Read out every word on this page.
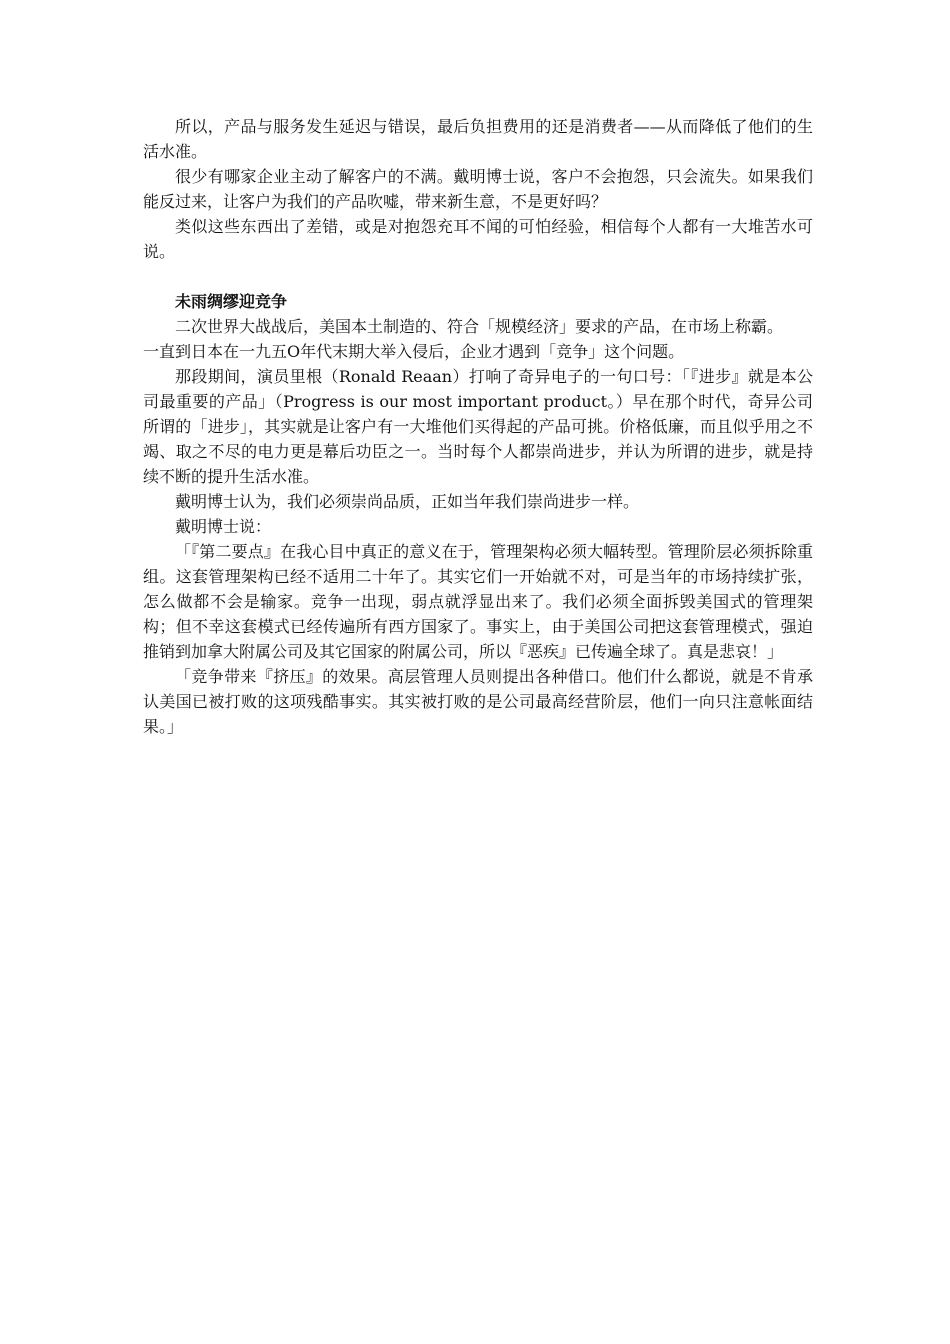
所以，产品与服务发生延迟与错误，最后负担费用的还是消费者——从而降低了他们的生活水准。

很少有哪家企业主动了解客户的不满。戴明博士说，客户不会抱怨，只会流失。如果我们能反过来，让客户为我们的产品吹嘘，带来新生意，不是更好吗？

类似这些东西出了差错，或是对抱怨充耳不闻的可怕经验，相信每个人都有一大堆苦水可说。

未雨绸缪迎竞争

二次世界大战战后，美国本土制造的、符合「规模经济」要求的产品，在市场上称霸。

一直到日本在一九五O年代末期大举入侵后，企业才遇到「竞争」这个问题。

那段期间，演员里根（Ronald Reaan）打响了奇异电子的一句口号：「『进步』就是本公司最重要的产品」（Progress is our most important product。）早在那个时代，奇异公司所谓的「进步」，其实就是让客户有一大堆他们买得起的产品可挑。价格低廉，而且似乎用之不竭、取之不尽的电力更是幕后功臣之一。当时每个人都崇尚进步，并认为所谓的进步，就是持续不断的提升生活水准。

戴明博士认为，我们必须崇尚品质，正如当年我们崇尚进步一样。

戴明博士说：

「『第二要点』在我心目中真正的意义在于，管理架构必须大幅转型。管理阶层必须拆除重组。这套管理架构已经不适用二十年了。其实它们一开始就不对，可是当年的市场持续扩张，怎么做都不会是输家。竞争一出现，弱点就浮显出来了。我们必须全面拆毁美国式的管理架构；但不幸这套模式已经传遍所有西方国家了。事实上，由于美国公司把这套管理模式，强迫推销到加拿大附属公司及其它国家的附属公司，所以『恶疾』已传遍全球了。真是悲哀！」

「竞争带来『挤压』的效果。高层管理人员则提出各种借口。他们什么都说，就是不肯承认美国已被打败的这项残酷事实。其实被打败的是公司最高经营阶层，他们一向只注意帐面结果。」
